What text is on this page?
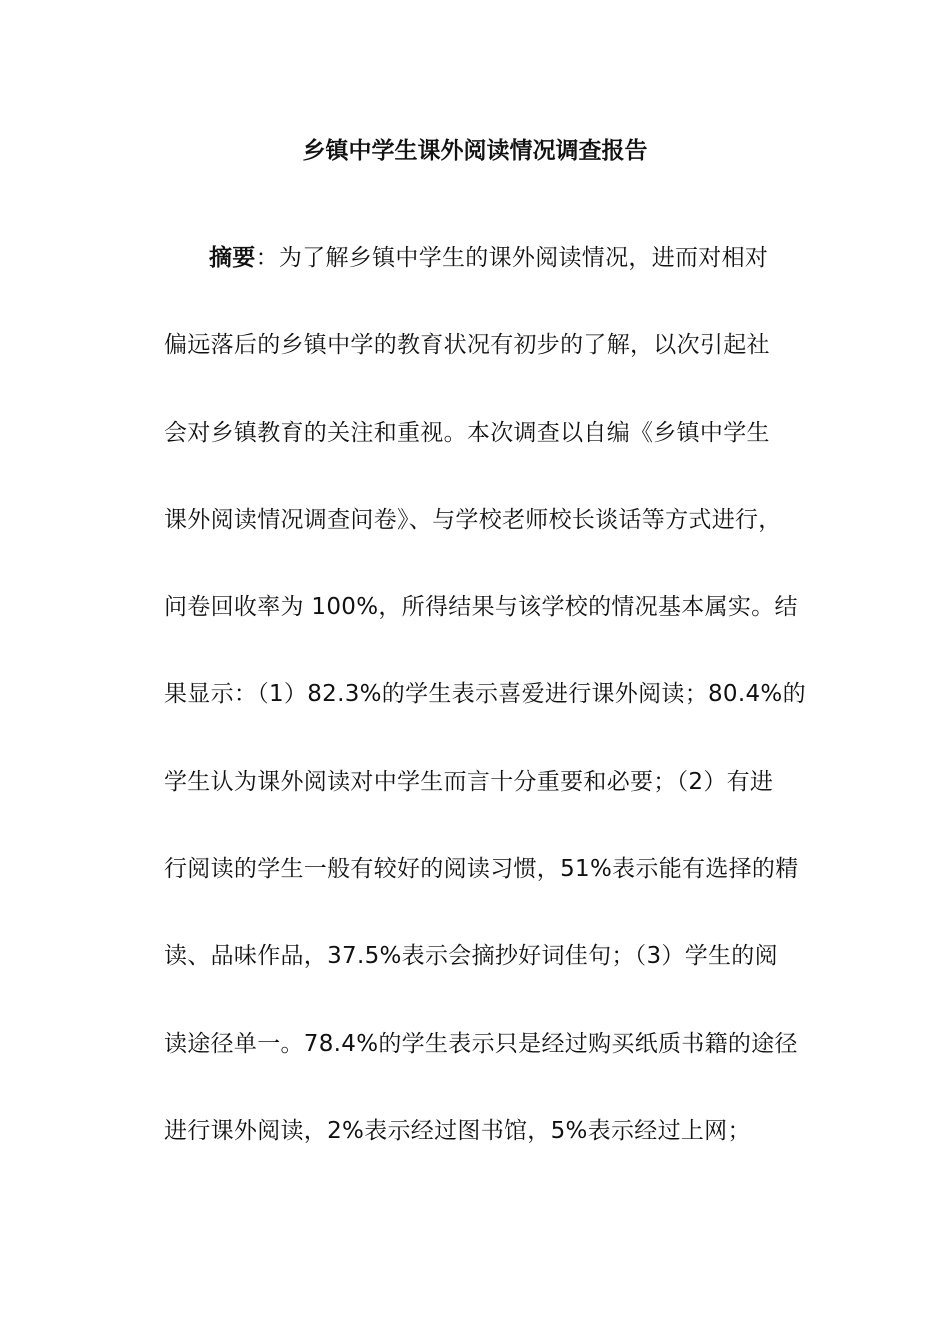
乡镇中学生课外阅读情况调查报告
摘要：为了解乡镇中学生的课外阅读情况，进而对相对
偏远落后的乡镇中学的教育状况有初步的了解，以次引起社
会对乡镇教育的关注和重视。本次调查以自编《乡镇中学生
课外阅读情况调查问卷》、与学校老师校长谈话等方式进行，
问卷回收率为 100%，所得结果与该学校的情况基本属实。结
果显示：（1）82.3%的学生表示喜爱进行课外阅读；80.4%的
学生认为课外阅读对中学生而言十分重要和必要；（2）有进
行阅读的学生一般有较好的阅读习惯，51%表示能有选择的精
读、品味作品，37.5%表示会摘抄好词佳句；（3）学生的阅
读途径单一。78.4%的学生表示只是经过购买纸质书籍的途径
进行课外阅读，2%表示经过图书馆，5%表示经过上网；
